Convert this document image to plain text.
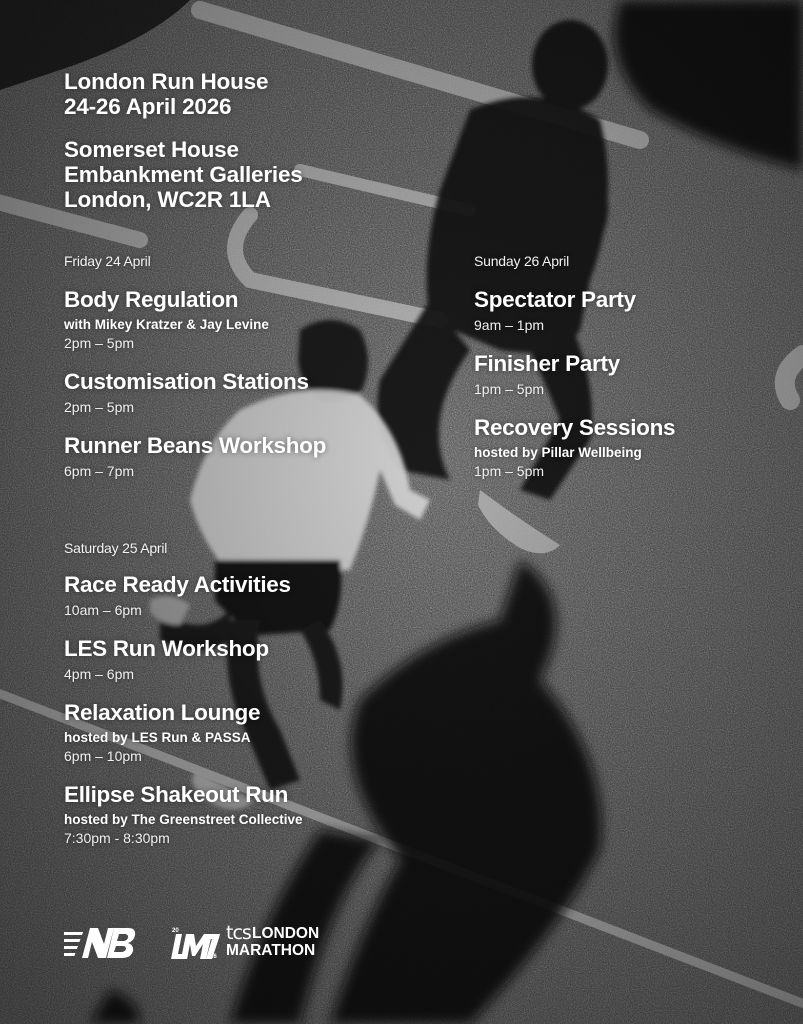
London Run House
24-26 April 2026
Somerset House
Embankment Galleries
London, WC2R 1LA
Friday 24 April
Body Regulation
with Mikey Kratzer & Jay Levine
2pm – 5pm
Customisation Stations
2pm – 5pm
Runner Beans Workshop
6pm – 7pm
Saturday 25 April
Race Ready Activities
10am – 6pm
LES Run Workshop
4pm – 6pm
Relaxation Lounge
hosted by LES Run & PASSA
6pm – 10pm
Ellipse Shakeout Run
hosted by The Greenstreet Collective
7:30pm - 8:30pm
Sunday 26 April
Spectator Party
9am – 1pm
Finisher Party
1pm – 5pm
Recovery Sessions
hosted by Pillar Wellbeing
1pm – 5pm
20
26
tcs LONDON
MARATHON
